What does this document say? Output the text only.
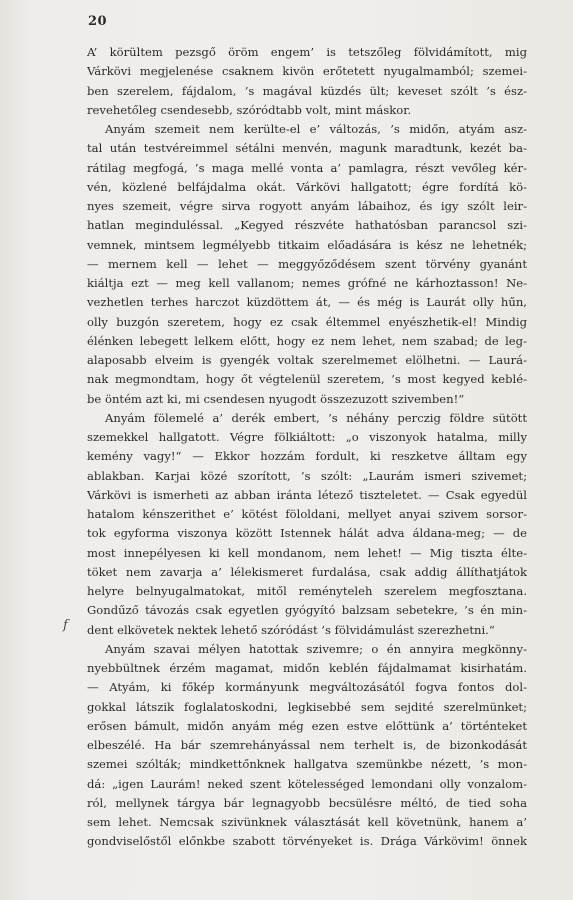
20
𝑓
A’ körültem pezsgő öröm engem’ is tetszőleg fölvidámított, mig
Várkövi megjelenése csaknem kivön erőtetett nyugalmamból; szemei-
ben szerelem, fájdalom, ’s magával küzdés ült; keveset szólt ’s ész-
revehetőleg csendesebb, szóródtabb volt, mint máskor.
Anyám szemeit nem kerülte-el e’ változás, ’s midőn, atyám asz-
tal után testvéreimmel sétálni menvén, magunk maradtunk, kezét ba-
rátilag megfogá, ’s maga mellé vonta a’ pamlagra, részt vevőleg kér-
vén, közlené belfájdalma okát. Várkövi hallgatott; égre fordítá kö-
nyes szemeit, végre sirva rogyott anyám lábaihoz, és igy szólt leir-
hatlan meginduléssal. „Kegyed részvéte hathatósban parancsol szi-
vemnek, mintsem legmélyebb titkaim előadására is kész ne lehetnék;
— mernem kell — lehet — meggyőződésem szent törvény gyanánt
kiáltja ezt — meg kell vallanom; nemes grófné ne kárhoztasson! Ne-
vezhetlen terhes harczot küzdöttem át, — és még is Laurát olly hűn,
olly buzgón szeretem, hogy ez csak éltemmel enyészhetik-el! Mindig
élénken lebegett lelkem előtt, hogy ez nem lehet, nem szabad; de leg-
alaposabb elveim is gyengék voltak szerelmemet elölhetni. — Laurá-
nak megmondtam, hogy őt végtelenül szeretem, ’s most kegyed keblé-
be öntém azt ki, mi csendesen nyugodt összezuzott szivemben!“
Anyám fölemelé a’ derék embert, ’s néhány perczig földre sütött
szemekkel hallgatott. Végre fölkiáltott: „o viszonyok hatalma, milly
kemény vagy!“ — Ekkor hozzám fordult, ki reszketve álltam egy
ablakban. Karjai közé szorított, ’s szólt: „Laurám ismeri szivemet;
Várkövi is ismerheti az abban iránta létező tiszteletet. — Csak egyedül
hatalom kénszerithet e’ kötést föloldani, mellyet anyai szivem sorsor-
tok egyforma viszonya között Istennek hálát adva áldana-meg; — de
most innepélyesen ki kell mondanom, nem lehet! — Mig tiszta élte-
töket nem zavarja a’ lélekismeret furdalása, csak addig állíthatjátok
helyre belnyugalmatokat, mitől reményteleh szerelem megfosztana.
Gondűző távozás csak egyetlen gyógyító balzsam sebetekre, ’s én min-
dent elkövetek nektek lehető szóródást ’s fölvidámulást szerezhetni.“
Anyám szavai mélyen hatottak szivemre; o én annyira megkönny-
nyebbültnek érzém magamat, midőn keblén fájdalmamat kisirhatám.
— Atyám, ki főkép kormányunk megváltozásától fogva fontos dol-
gokkal látszik foglalatoskodni, legkisebbé sem sejdité szerelmünket;
erősen bámult, midőn anyám még ezen estve előttünk a’ történteket
elbeszélé. Ha bár szemrehányással nem terhelt is, de bizonkodását
szemei szólták; mindkettőnknek hallgatva szemünkbe nézett, ’s mon-
dá: „igen Laurám! neked szent kötelességed lemondani olly vonzalom-
ról, mellynek tárgya bár legnagyobb becsülésre méltó, de tied soha
sem lehet. Nemcsak szivünknek választását kell követnünk, hanem a’
gondviselőstől előnkbe szabott törvényeket is. Drága Várkövim! önnek
